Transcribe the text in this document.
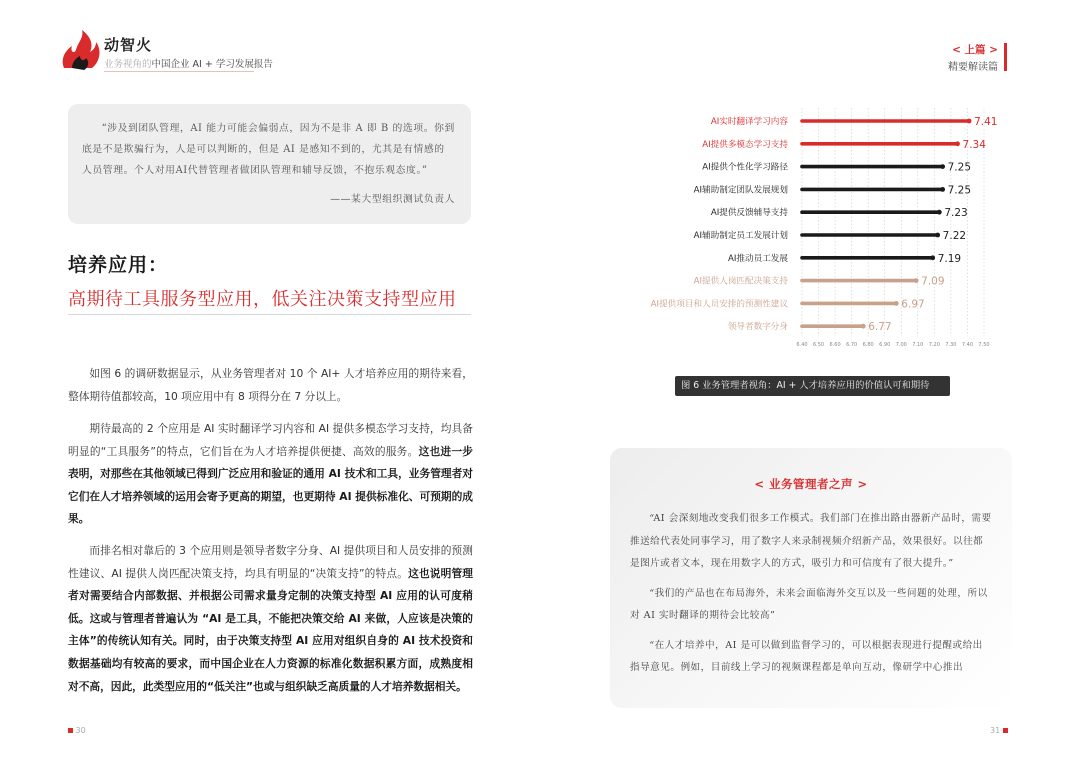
动智火
业务视角的中国企业 AI + 学习发展报告
< 上篇 >
精要解读篇

“涉及到团队管理，AI 能力可能会偏弱点，因为不是非 A 即 B 的选项。你到底是不是欺骗行为，人是可以判断的，但是 AI 是感知不到的，尤其是有情感的人员管理。个人对用AI代替管理者做团队管理和辅导反馈，不抱乐观态度。”

——某大型组织测试负责人
培养应用：
高期待工具服务型应用，低关注决策支持型应用

如图 6 的调研数据显示，从业务管理者对 10 个 AI+ 人才培养应用的期待来看，整体期待值都较高，10 项应用中有 8 项得分在 7 分以上。

期待最高的 2 个应用是 AI 实时翻译学习内容和 AI 提供多模态学习支持，均具备明显的“工具服务”的特点，它们旨在为人才培养提供便捷、高效的服务。这也进一步表明，对那些在其他领域已得到广泛应用和验证的通用 AI 技术和工具，业务管理者对它们在人才培养领域的运用会寄予更高的期望，也更期待 AI 提供标准化、可预期的成果。

而排名相对靠后的 3 个应用则是领导者数字分身、AI 提供项目和人员安排的预测性建议、AI 提供人岗匹配决策支持，均具有明显的“决策支持”的特点。这也说明管理者对需要结合内部数据、并根据公司需求量身定制的决策支持型 AI 应用的认可度稍低。这或与管理者普遍认为 “AI 是工具，不能把决策交给 AI 来做，人应该是决策的主体”的传统认知有关。同时，由于决策支持型 AI 应用对组织自身的 AI 技术投资和数据基础均有较高的要求，而中国企业在人力资源的标准化数据积累方面，成熟度相对不高，因此，此类型应用的“低关注”也或与组织缺乏高质量的人才培养数据相关。

30	31
6.40 6.50 6.60 6.70 6.80 6.90 7.00 7.10 7.20 7.30 7.40 7.50
AI实时翻译学习内容	7.41
AI提供多模态学习支持	7.34
AI提供个性化学习路径	7.25
AI辅助制定团队发展规划	7.25
AI提供反馈辅导支持	7.23
AI辅助制定员工发展计划	7.22
AI推动员工发展	7.19
AI提供人岗匹配决策支持	7.09
AI提供项目和人员安排的预测性建议	6.97
领导者数字分身	6.77
图 6 业务管理者视角：AI + 人才培养应用的价值认可和期待
< 业务管理者之声 >

“AI 会深刻地改变我们很多工作模式。我们部门在推出路由器新产品时，需要推送给代表处同事学习，用了数字人来录制视频介绍新产品，效果很好。以往都是图片或者文本，现在用数字人的方式，吸引力和可信度有了很大提升。”

“我们的产品也在布局海外，未来会面临海外交互以及一些问题的处理，所以对 AI 实时翻译的期待会比较高”

“在人才培养中，AI 是可以做到监督学习的，可以根据表现进行提醒或给出指导意见。例如，目前线上学习的视频课程都是单向互动，像研学中心推出
